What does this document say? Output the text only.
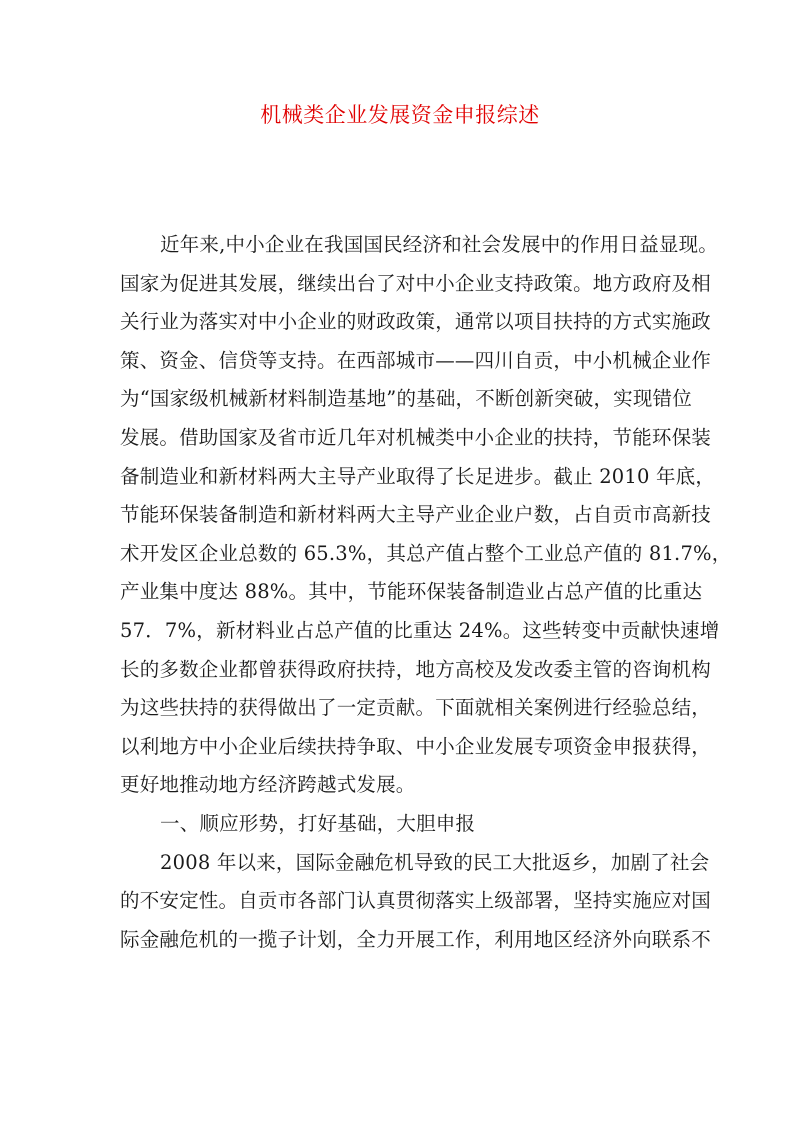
机械类企业发展资金申报综述
近年来,中小企业在我国国民经济和社会发展中的作用日益显现。
国家为促进其发展，继续出台了对中小企业支持政策。地方政府及相
关行业为落实对中小企业的财政政策，通常以项目扶持的方式实施政
策、资金、信贷等支持。在西部城市——四川自贡，中小机械企业作
为“国家级机械新材料制造基地”的基础，不断创新突破，实现错位
发展。借助国家及省市近几年对机械类中小企业的扶持，节能环保装
备制造业和新材料两大主导产业取得了长足进步。截止 2010 年底，
节能环保装备制造和新材料两大主导产业企业户数，占自贡市高新技
术开发区企业总数的 65.3%，其总产值占整个工业总产值的 81.7%，
产业集中度达 88%。其中，节能环保装备制造业占总产值的比重达
57．7%，新材料业占总产值的比重达 24%。这些转变中贡献快速增
长的多数企业都曾获得政府扶持，地方高校及发改委主管的咨询机构
为这些扶持的获得做出了一定贡献。下面就相关案例进行经验总结，
以利地方中小企业后续扶持争取、中小企业发展专项资金申报获得，
更好地推动地方经济跨越式发展。
一、顺应形势，打好基础，大胆申报
2008 年以来，国际金融危机导致的民工大批返乡，加剧了社会
的不安定性。自贡市各部门认真贯彻落实上级部署，坚持实施应对国
际金融危机的一揽子计划，全力开展工作，利用地区经济外向联系不
